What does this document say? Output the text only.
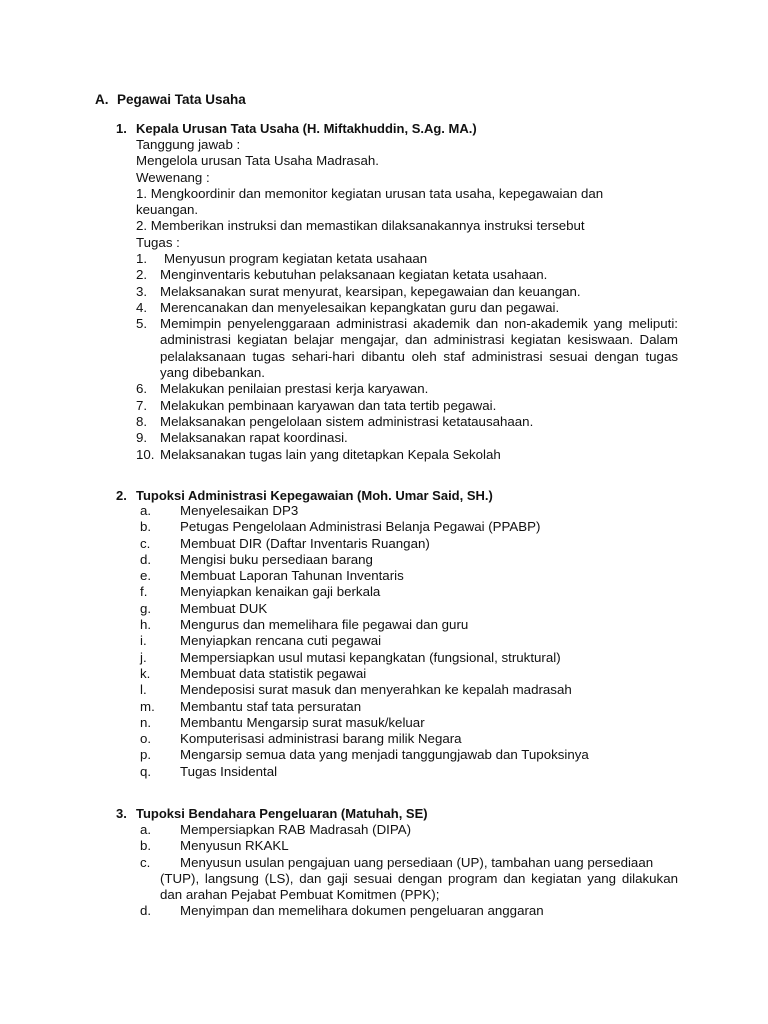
A. Pegawai Tata Usaha
1. Kepala Urusan Tata Usaha (H. Miftakhuddin, S.Ag. MA.)
Tanggung jawab :
Mengelola urusan Tata Usaha Madrasah.
Wewenang :
1. Mengkoordinir dan memonitor kegiatan urusan tata usaha, kepegawaian dan
keuangan.
2. Memberikan instruksi dan memastikan dilaksanakannya instruksi tersebut
Tugas :
1.	Menyusun program kegiatan ketata usahaan
2. Menginventaris kebutuhan pelaksanaan kegiatan ketata usahaan.
3. Melaksanakan surat menyurat, kearsipan, kepegawaian dan keuangan.
4. Merencanakan dan menyelesaikan kepangkatan guru dan pegawai.
5. Memimpin penyelenggaraan administrasi akademik dan non-akademik yang meliputi: administrasi kegiatan belajar mengajar, dan administrasi kegiatan kesiswaan. Dalam pelalaksanaan tugas sehari-hari dibantu oleh staf administrasi sesuai dengan tugas yang dibebankan.
6. Melakukan penilaian prestasi kerja karyawan.
7. Melakukan pembinaan karyawan dan tata tertib pegawai.
8. Melaksanakan pengelolaan sistem administrasi ketatausahaan.
9. Melaksanakan rapat koordinasi.
10. Melaksanakan tugas lain yang ditetapkan Kepala Sekolah
2. Tupoksi Administrasi Kepegawaian (Moh. Umar Said, SH.)
a. Menyelesaikan DP3
b. Petugas Pengelolaan Administrasi Belanja Pegawai (PPABP)
c. Membuat DIR (Daftar Inventaris Ruangan)
d. Mengisi buku persediaan barang
e. Membuat Laporan Tahunan Inventaris
f. Menyiapkan kenaikan gaji berkala
g. Membuat DUK
h. Mengurus dan memelihara file pegawai dan guru
i.	Menyiapkan rencana cuti pegawai
j.	Mempersiapkan usul mutasi kepangkatan (fungsional, struktural)
k. Membuat data statistik pegawai
l.	Mendeposisi surat masuk dan menyerahkan ke kepalah madrasah
m. Membantu staf tata persuratan
n. Membantu Mengarsip surat masuk/keluar
o. Komputerisasi administrasi barang milik Negara
p. Mengarsip semua data yang menjadi tanggungjawab dan Tupoksinya
q. Tugas Insidental
3. Tupoksi Bendahara Pengeluaran (Matuhah, SE)
a. Mempersiapkan RAB Madrasah (DIPA)
b. Menyusun RKAKL
c. Menyusun usulan pengajuan uang persediaan (UP), tambahan uang persediaan
(TUP), langsung (LS), dan gaji sesuai dengan program dan kegiatan yang dilakukan dan arahan Pejabat Pembuat Komitmen (PPK);
d. Menyimpan dan memelihara dokumen pengeluaran anggaran
